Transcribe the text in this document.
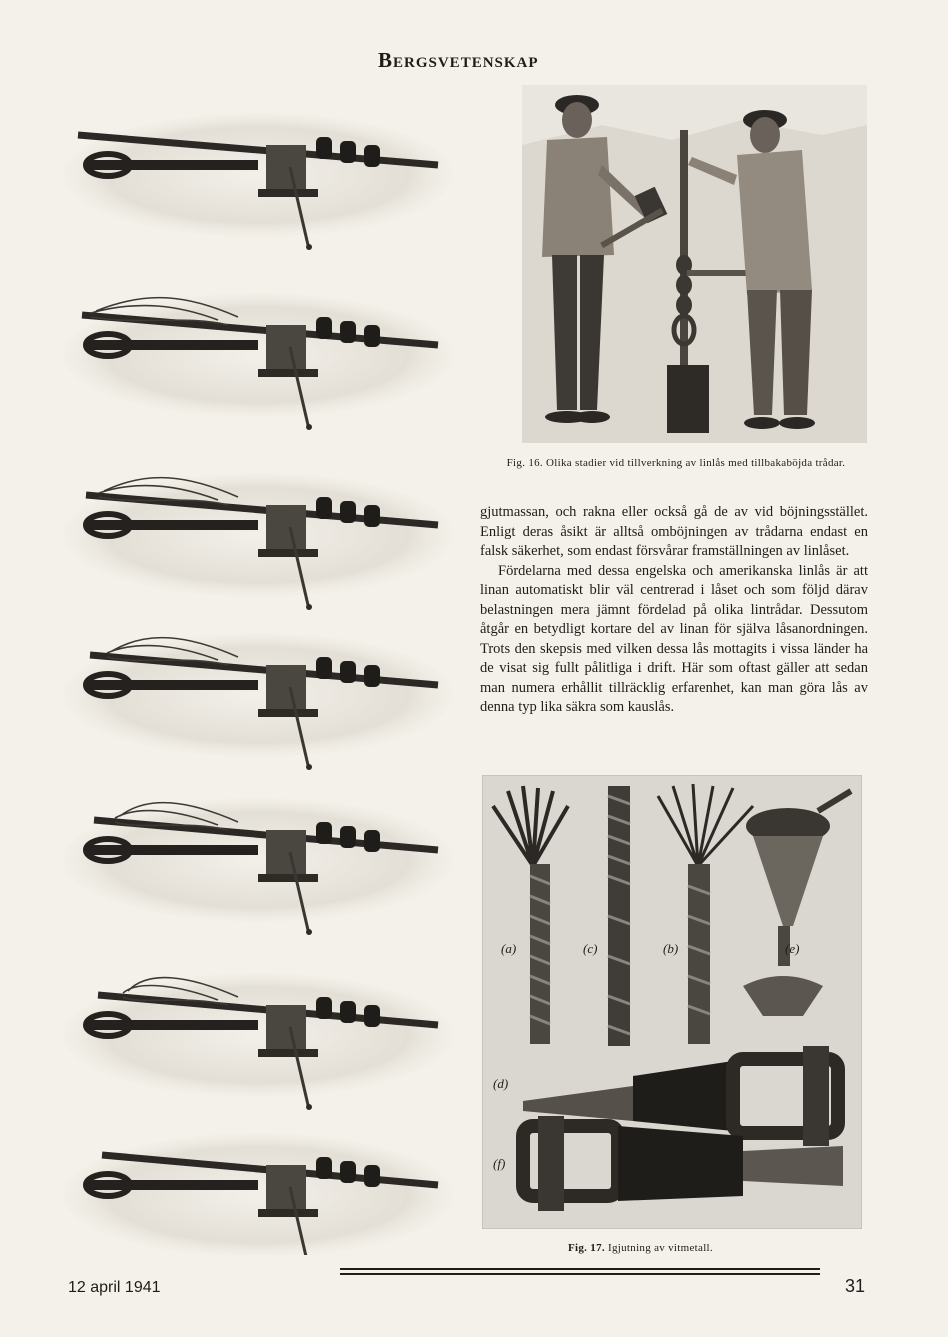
Bergsvetenskap
Fig. 16. Olika stadier vid tillverkning av linlås med tillbakaböjda trådar.

gjutmassan, och rakna eller också gå de av vid böjningsstället. Enligt deras åsikt är alltså omböjningen av trådarna endast en falsk säkerhet, som endast försvårar framställningen av linlåset.

Fördelarna med dessa engelska och amerikanska linlås är att linan automatiskt blir väl centrerad i låset och som följd därav belastningen mera jämnt fördelad på olika lintrådar. Dessutom åtgår en betydligt kortare del av linan för själva låsanordningen. Trots den skepsis med vilken dessa lås mottagits i vissa länder ha de visat sig fullt pålitliga i drift. Här som oftast gäller att sedan man numera erhållit tillräcklig erfarenhet, kan man göra lås av denna typ lika säkra som kauslås.

(a)	(c)	(b)	(e)
(d)
(f)
Fig. 17. Igjutning av vitmetall.
12 april 1941	31
